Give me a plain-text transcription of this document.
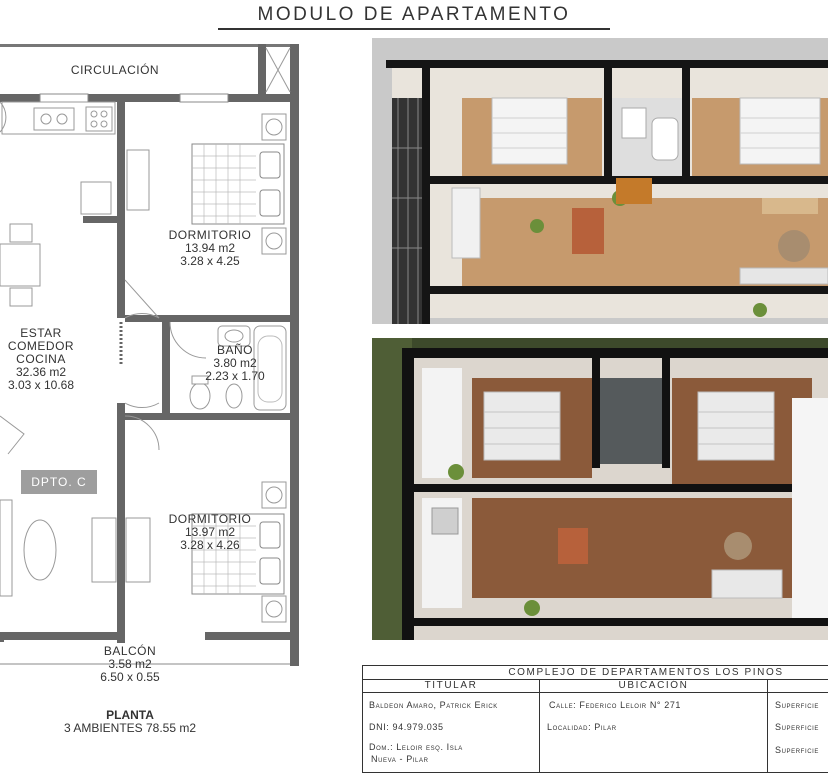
MODULO DE APARTAMENTO
CIRCULACIÓN
DORMITORIO
13.94 m2
3.28 x 4.25
BAÑO
3.80 m2
2.23 x 1.70
ESTAR
COMEDOR
COCINA
32.36 m2
3.03 x 10.68
DPTO. C
DORMITORIO
13.97 m2
3.28 x 4.26
BALCÓN
3.58 m2
6.50 x 0.55
PLANTA
3 AMBIENTES 78.55 m2
COMPLEJO DE DEPARTAMENTOS LOS PINOS
TITULAR	UBICACIÓN
Baldeon Amaro, Patrick Erick
DNI: 94.979.035
Dom.: Leloir esq. Isla
Nueva - Pilar
Calle: Federico Leloir N° 271
Localidad: Pilar
Superficie
Superficie
Superficie
